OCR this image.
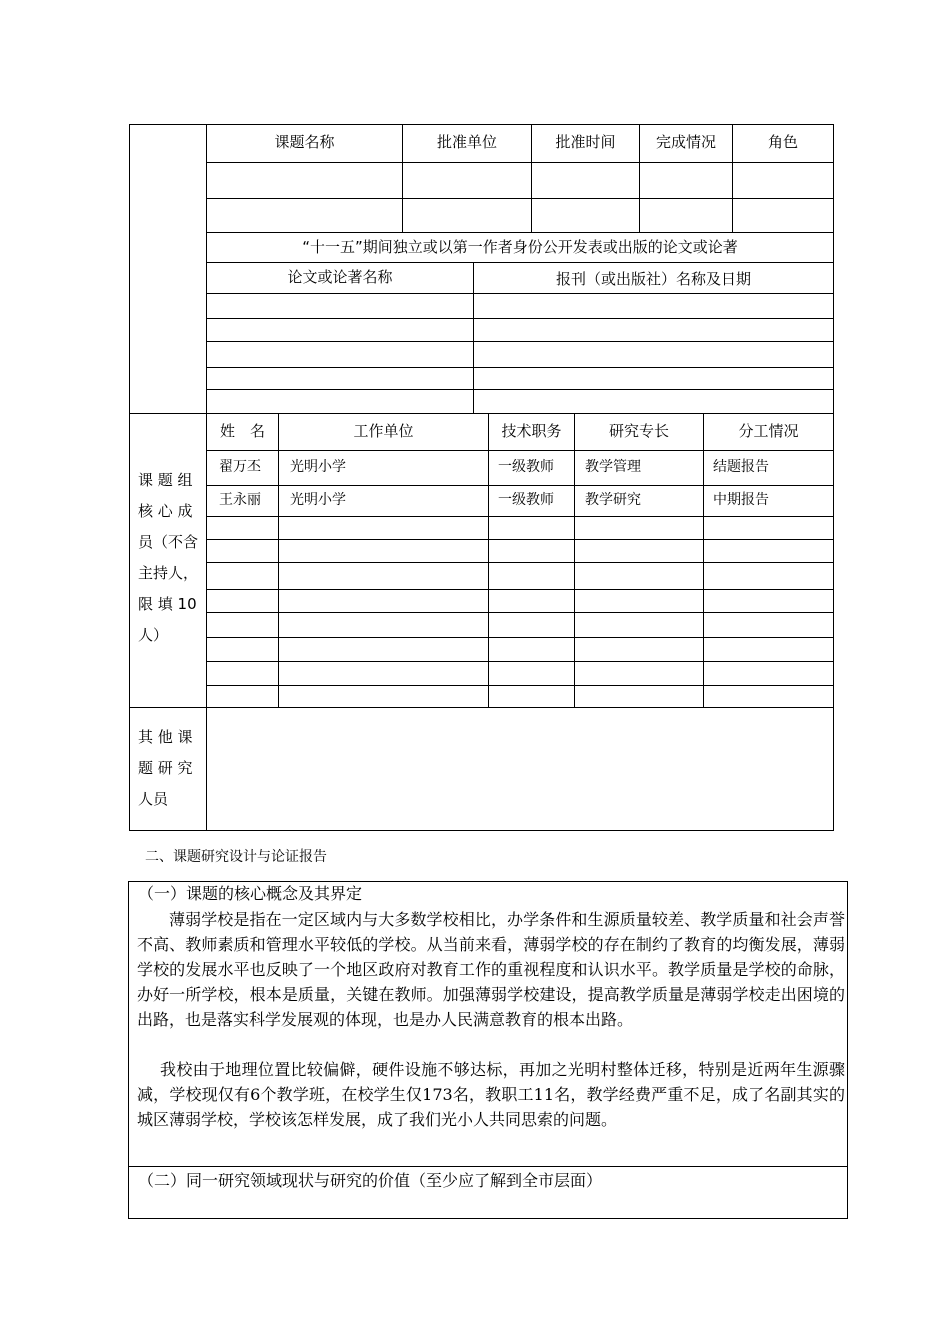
课题名称	批准单位	批准时间	完成情况	角色
“十一五”期间独立或以第一作者身份公开发表或出版的论文或论著
论文或论著名称	报刊（或出版社）名称及日期
课 题 组
核 心 成
员（不含
主持人，
限 填 10
人）
姓　名	工作单位	技术职务	研究专长	分工情况
翟万丕 光明小学	一级教师 教学管理	结题报告
王永丽 光明小学	一级教师 教学研究	中期报告
其 他 课
题 研 究
人员
二、课题研究设计与论证报告
（一）课题的核心概念及其界定
薄弱学校是指在一定区域内与大多数学校相比，办学条件和生源质量较差、教学质量和社会声誉不高、教师素质和管理水平较低的学校。从当前来看，薄弱学校的存在制约了教育的均衡发展，薄弱学校的发展水平也反映了一个地区政府对教育工作的重视程度和认识水平。教学质量是学校的命脉，办好一所学校，根本是质量，关键在教师。加强薄弱学校建设，提高教学质量是薄弱学校走出困境的出路，也是落实科学发展观的体现，也是办人民满意教育的根本出路。
我校由于地理位置比较偏僻，硬件设施不够达标，再加之光明村整体迁移，特别是近两年生源骤减，学校现仅有6个教学班，在校学生仅173名，教职工11名，教学经费严重不足，成了名副其实的城区薄弱学校，学校该怎样发展，成了我们光小人共同思索的问题。
（二）同一研究领域现状与研究的价值（至少应了解到全市层面）
